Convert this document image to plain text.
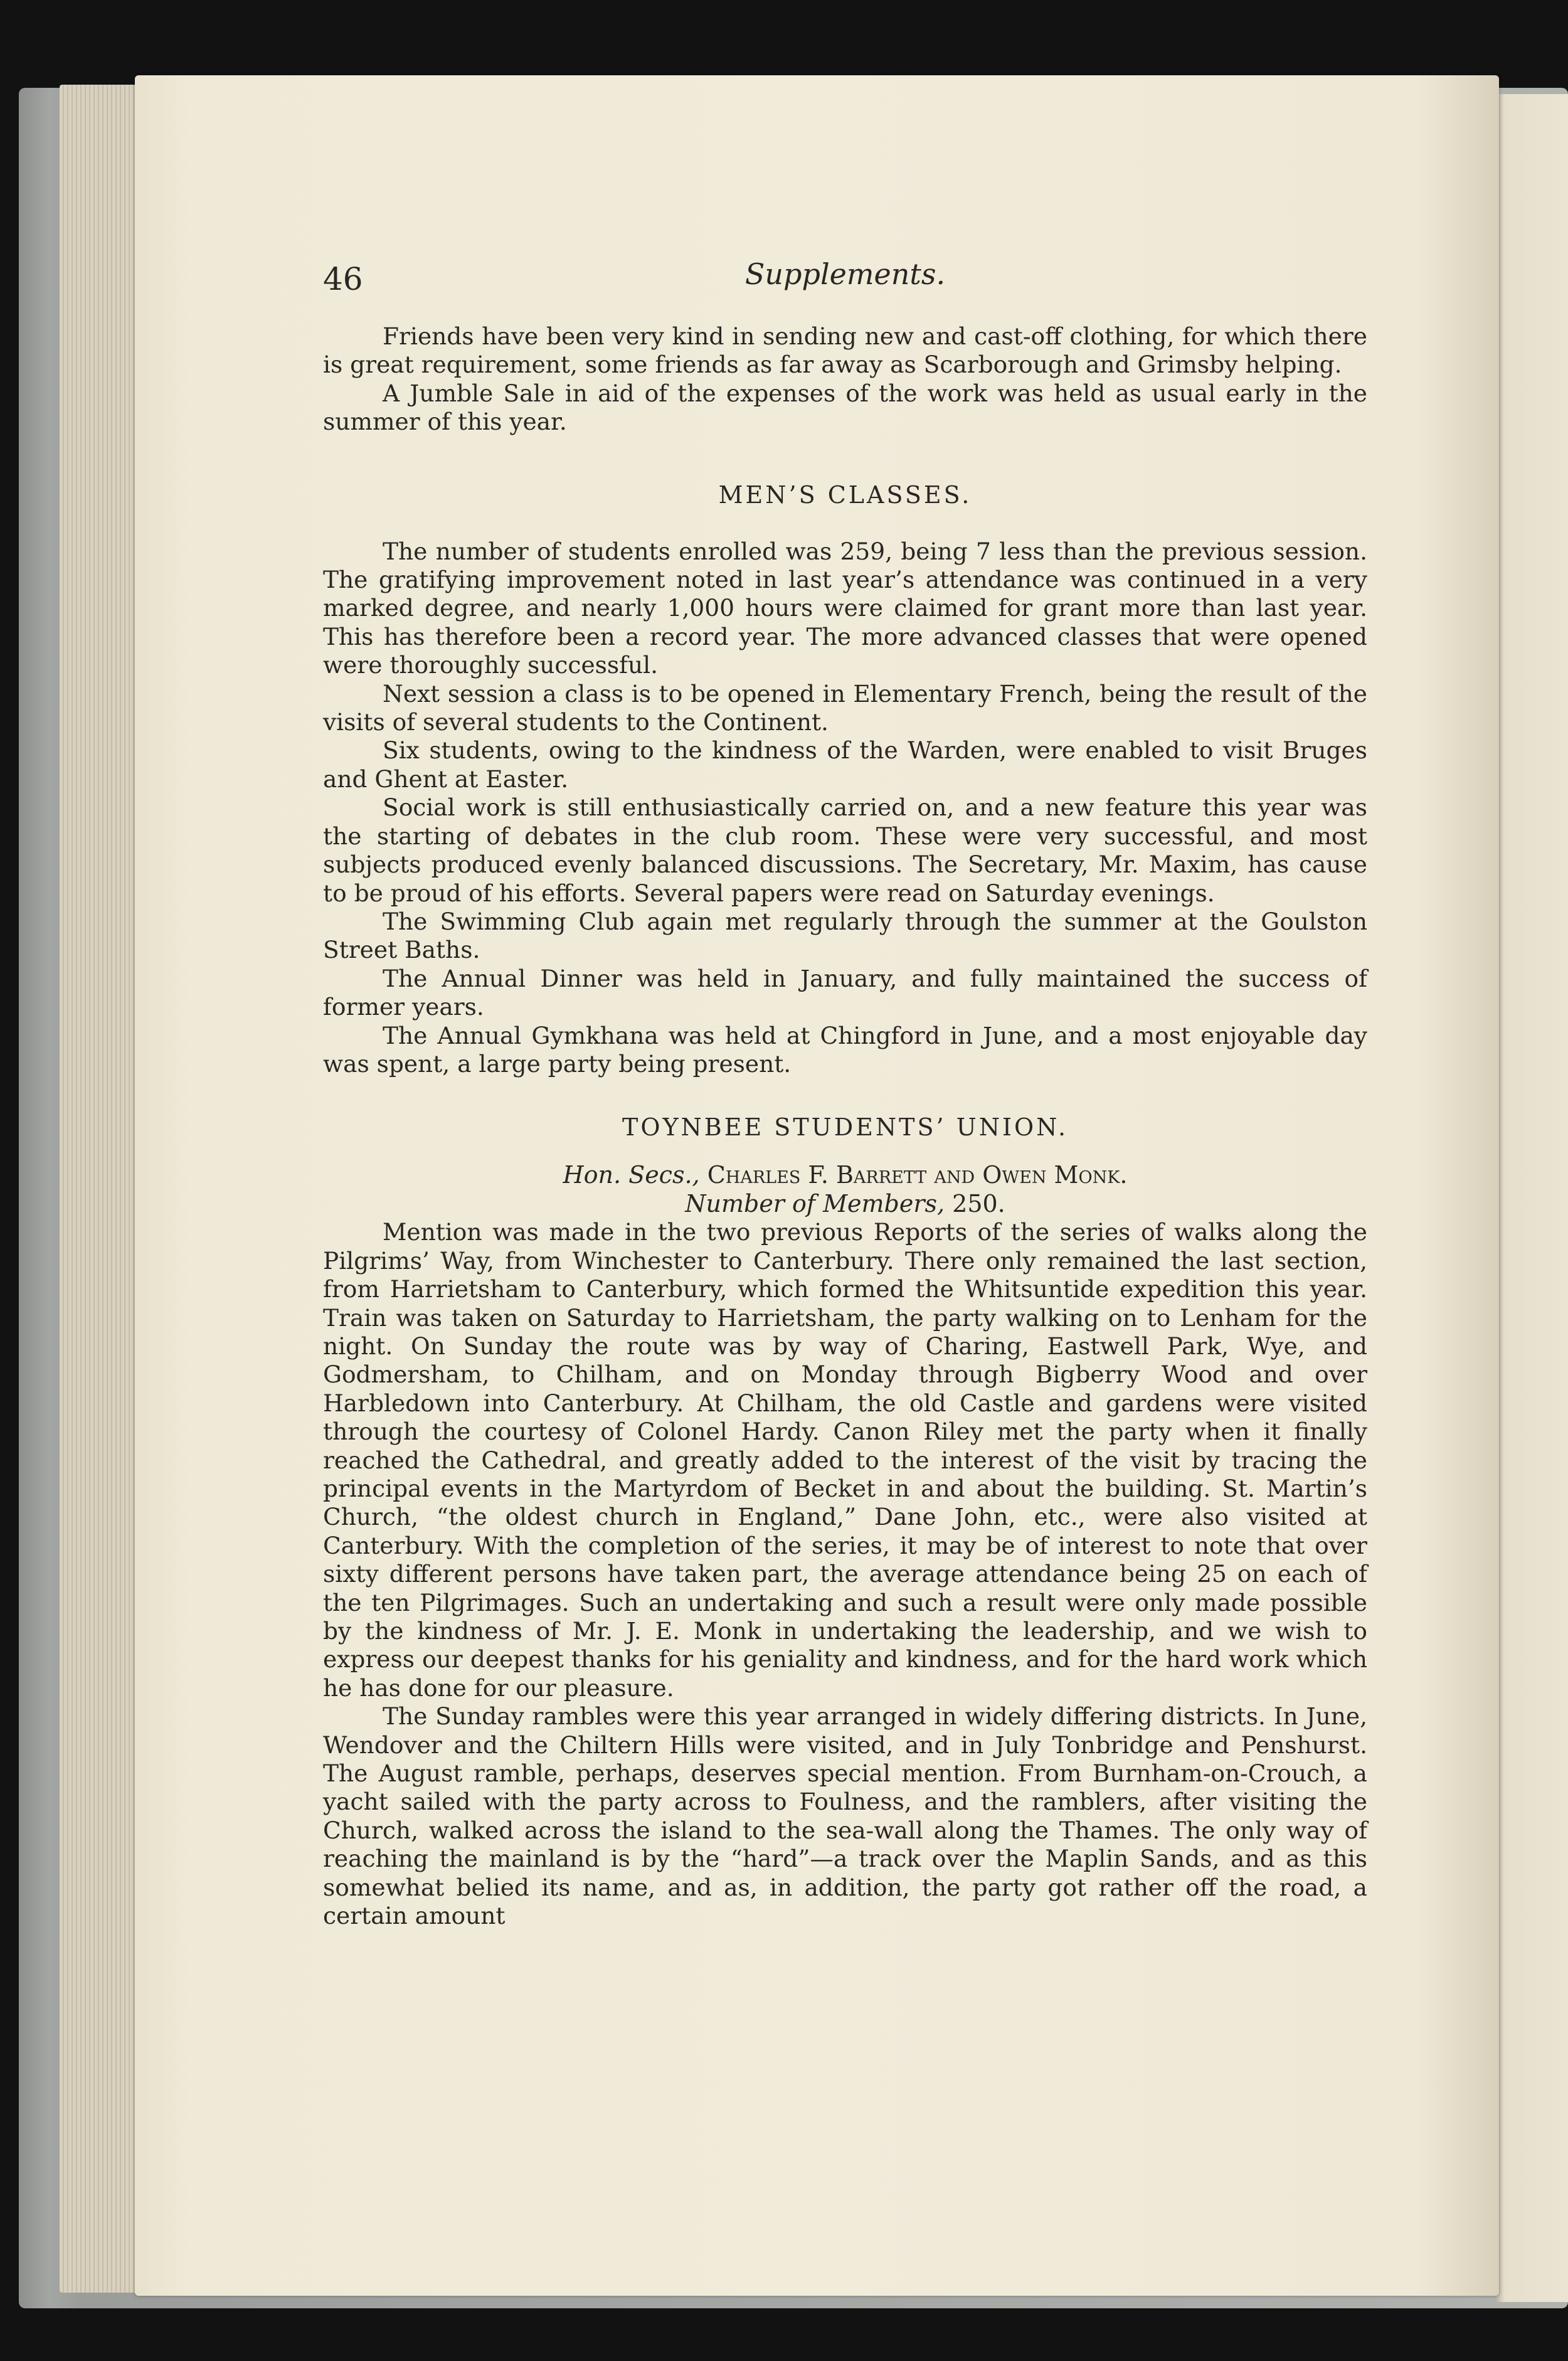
46	Supplements.

Friends have been very kind in sending new and cast-off clothing, for which there is great requirement, some friends as far away as Scarborough and Grimsby helping.

A Jumble Sale in aid of the expenses of the work was held as usual early in the summer of this year.

MEN’S CLASSES.

The number of students enrolled was 259, being 7 less than the previous session. The gratifying improvement noted in last year’s attendance was continued in a very marked degree, and nearly 1,000 hours were claimed for grant more than last year. This has therefore been a record year. The more advanced classes that were opened were thoroughly successful.

Next session a class is to be opened in Elementary French, being the result of the visits of several students to the Continent.

Six students, owing to the kindness of the Warden, were enabled to visit Bruges and Ghent at Easter.

Social work is still enthusiastically carried on, and a new feature this year was the starting of debates in the club room. These were very successful, and most subjects produced evenly balanced discussions. The Secretary, Mr. Maxim, has cause to be proud of his efforts. Several papers were read on Saturday evenings.

The Swimming Club again met regularly through the summer at the Goulston Street Baths.

The Annual Dinner was held in January, and fully maintained the success of former years.

The Annual Gymkhana was held at Chingford in June, and a most enjoyable day was spent, a large party being present.

TOYNBEE STUDENTS’ UNION.
Hon. Secs., Charles F. Barrett and Owen Monk.
Number of Members, 250.

Mention was made in the two previous Reports of the series of walks along the Pilgrims’ Way, from Winchester to Canterbury. There only remained the last section, from Harrietsham to Canterbury, which formed the Whitsuntide expedition this year. Train was taken on Saturday to Harrietsham, the party walking on to Lenham for the night. On Sunday the route was by way of Charing, Eastwell Park, Wye, and Godmersham, to Chilham, and on Monday through Bigberry Wood and over Harbledown into Canterbury. At Chilham, the old Castle and gardens were visited through the courtesy of Colonel Hardy. Canon Riley met the party when it finally reached the Cathedral, and greatly added to the interest of the visit by tracing the principal events in the Martyrdom of Becket in and about the building. St. Martin’s Church, “the oldest church in England,” Dane John, etc., were also visited at Canterbury. With the completion of the series, it may be of interest to note that over sixty different persons have taken part, the average attendance being 25 on each of the ten Pilgrimages. Such an undertaking and such a result were only made possible by the kindness of Mr. J. E. Monk in undertaking the leadership, and we wish to express our deepest thanks for his geniality and kindness, and for the hard work which he has done for our pleasure.

The Sunday rambles were this year arranged in widely differing districts. In June, Wendover and the Chiltern Hills were visited, and in July Tonbridge and Penshurst. The August ramble, perhaps, deserves special mention. From Burnham-on-Crouch, a yacht sailed with the party across to Foulness, and the ramblers, after visiting the Church, walked across the island to the sea-wall along the Thames. The only way of reaching the mainland is by the “hard”—a track over the Maplin Sands, and as this somewhat belied its name, and as, in addition, the party got rather off the road, a certain amount
